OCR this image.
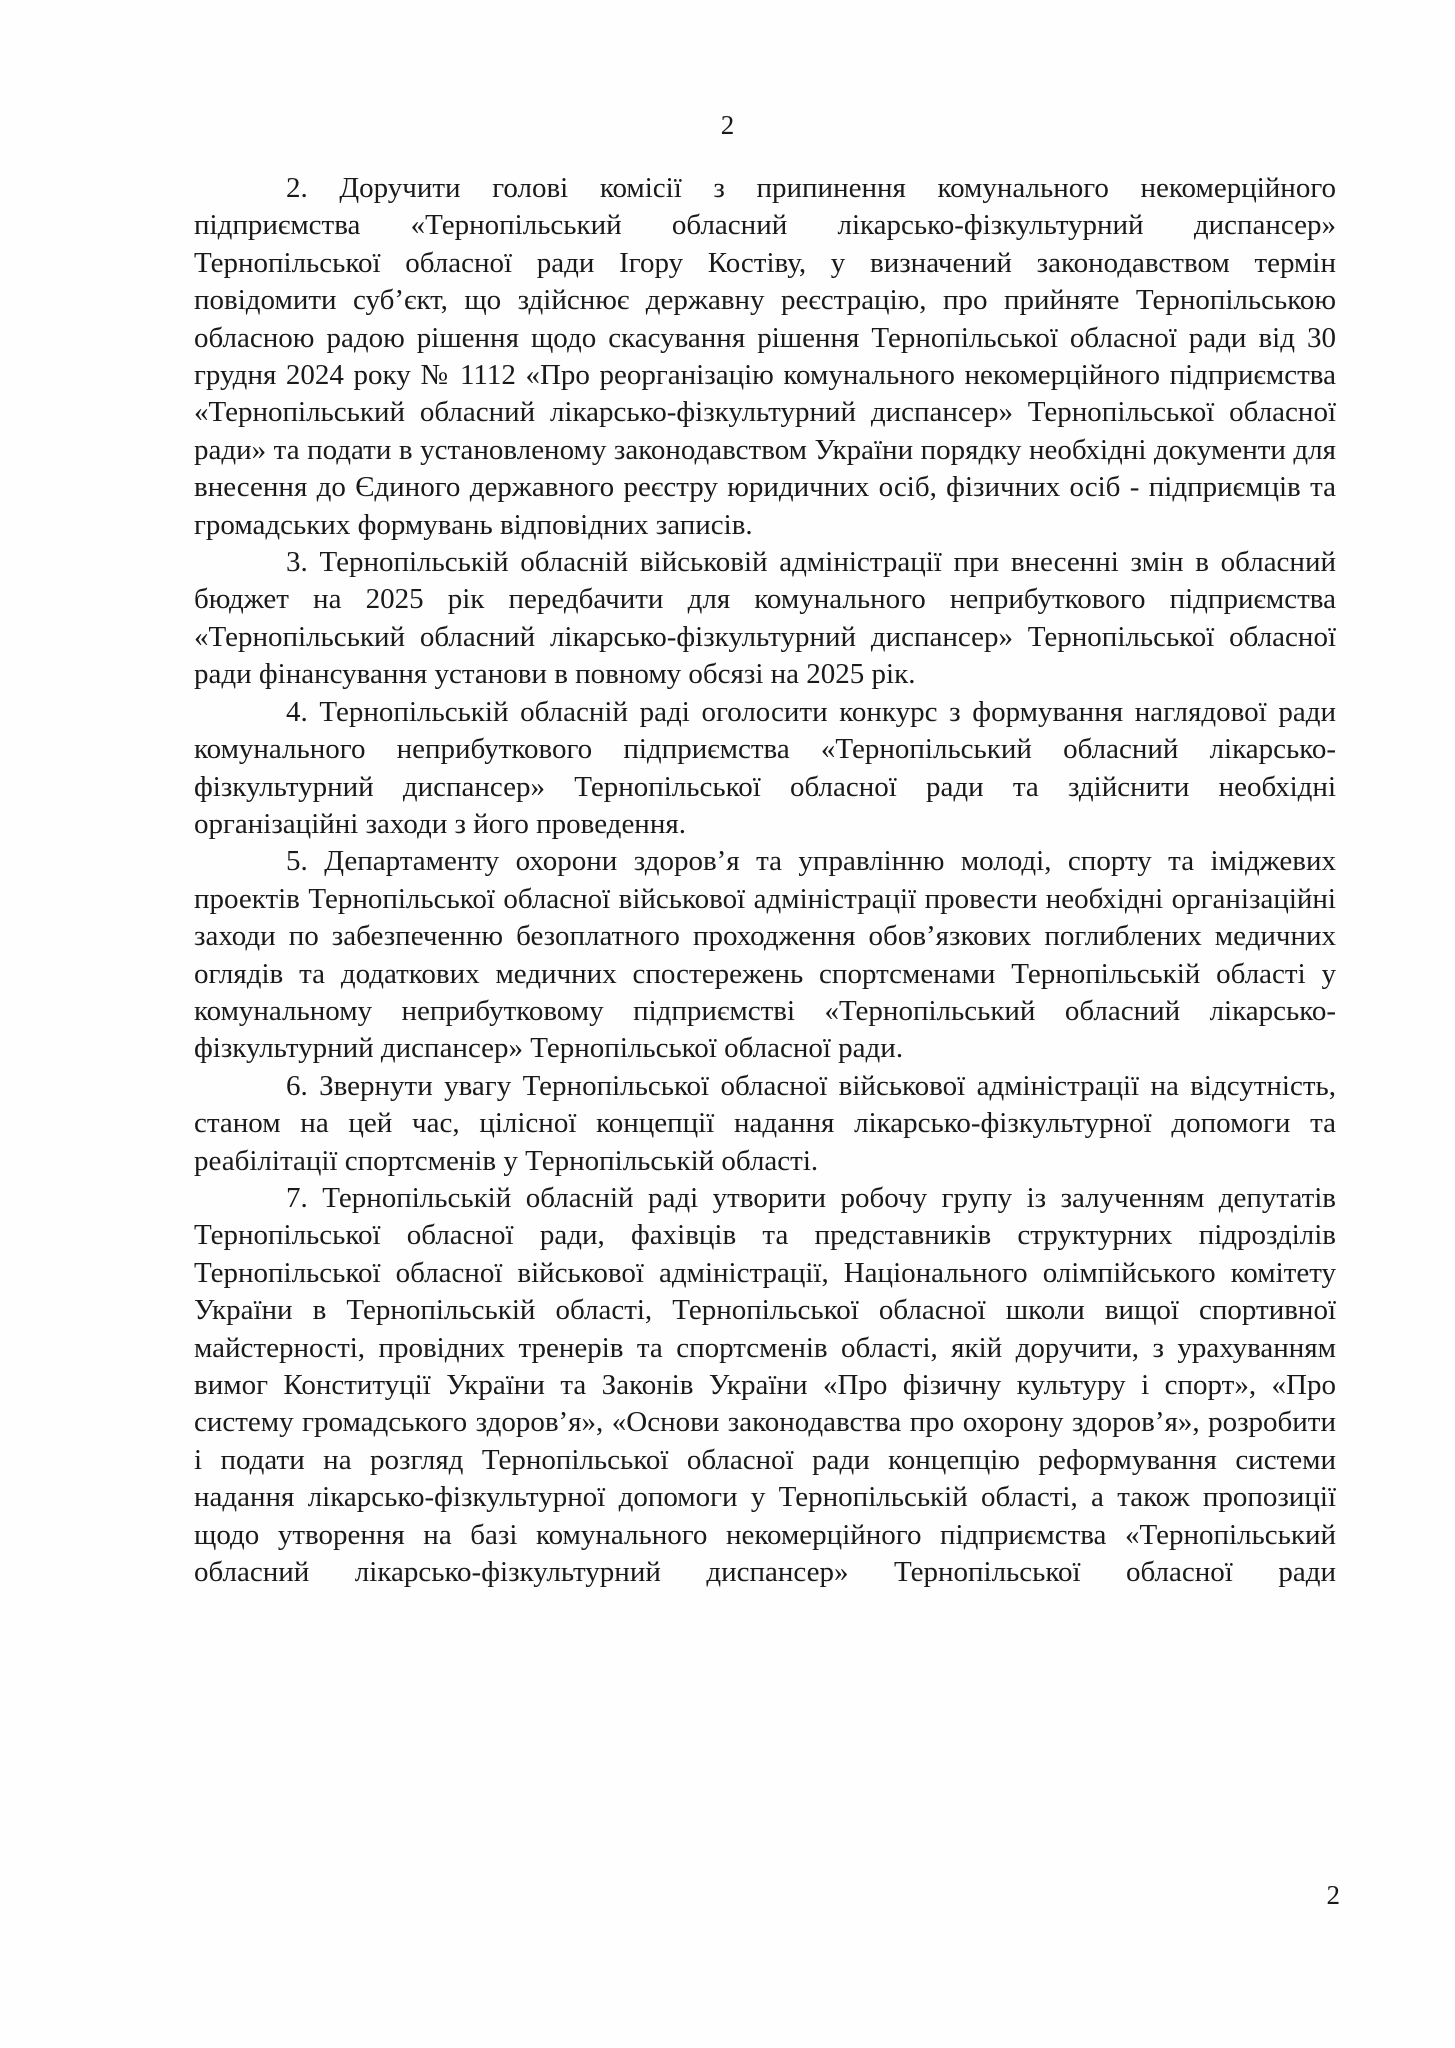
2

2. Доручити голові комісії з припинення комунального некомерційного підприємства «Тернопільський обласний лікарсько-фізкультурний диспансер» Тернопільської обласної ради Ігору Костіву, у визначений законодавством термін повідомити суб’єкт, що здійснює державну реєстрацію, про прийняте Тернопільською обласною радою рішення щодо скасування рішення Тернопільської обласної ради від 30 грудня 2024 року № 1112 «Про реорганізацію комунального некомерційного підприємства «Тернопільський обласний лікарсько-фізкультурний диспансер» Тернопільської обласної ради» та подати в установленому законодавством України порядку необхідні документи для внесення до Єдиного державного реєстру юридичних осіб, фізичних осіб - підприємців та громадських формувань відповідних записів.

3. Тернопільській обласній військовій адміністрації при внесенні змін в обласний бюджет на 2025 рік передбачити для комунального неприбуткового підприємства «Тернопільський обласний лікарсько-фізкультурний диспансер» Тернопільської обласної ради фінансування установи в повному обсязі на 2025 рік.

4. Тернопільській обласній раді оголосити конкурс з формування наглядової ради комунального неприбуткового підприємства «Тернопільський обласний лікарсько-фізкультурний диспансер» Тернопільської обласної ради та здійснити необхідні організаційні заходи з його проведення.

5. Департаменту охорони здоров’я та управлінню молоді, спорту та іміджевих проектів Тернопільської обласної військової адміністрації провести необхідні організаційні заходи по забезпеченню безоплатного проходження обов’язкових поглиблених медичних оглядів та додаткових медичних спостережень спортсменами Тернопільській області у комунальному неприбутковому підприємстві «Тернопільський обласний лікарсько-фізкультурний диспансер» Тернопільської обласної ради.

6. Звернути увагу Тернопільської обласної військової адміністрації на відсутність, станом на цей час, цілісної концепції надання лікарсько-фізкультурної допомоги та реабілітації спортсменів у Тернопільській області.

7. Тернопільській обласній раді утворити робочу групу із залученням депутатів Тернопільської обласної ради, фахівців та представників структурних підрозділів Тернопільської обласної військової адміністрації, Національного олімпійського комітету України в Тернопільській області, Тернопільської обласної школи вищої спортивної майстерності, провідних тренерів та спортсменів області, якій доручити, з урахуванням вимог Конституції України та Законів України «Про фізичну культуру і спорт», «Про систему громадського здоров’я», «Основи законодавства про охорону здоров’я», розробити і подати на розгляд Тернопільської обласної ради концепцію реформування системи надання лікарсько-фізкультурної допомоги у Тернопільській області, а також пропозиції щодо утворення на базі комунального некомерційного підприємства «Тернопільський обласний лікарсько-фізкультурний диспансер» Тернопільської обласної ради

2
